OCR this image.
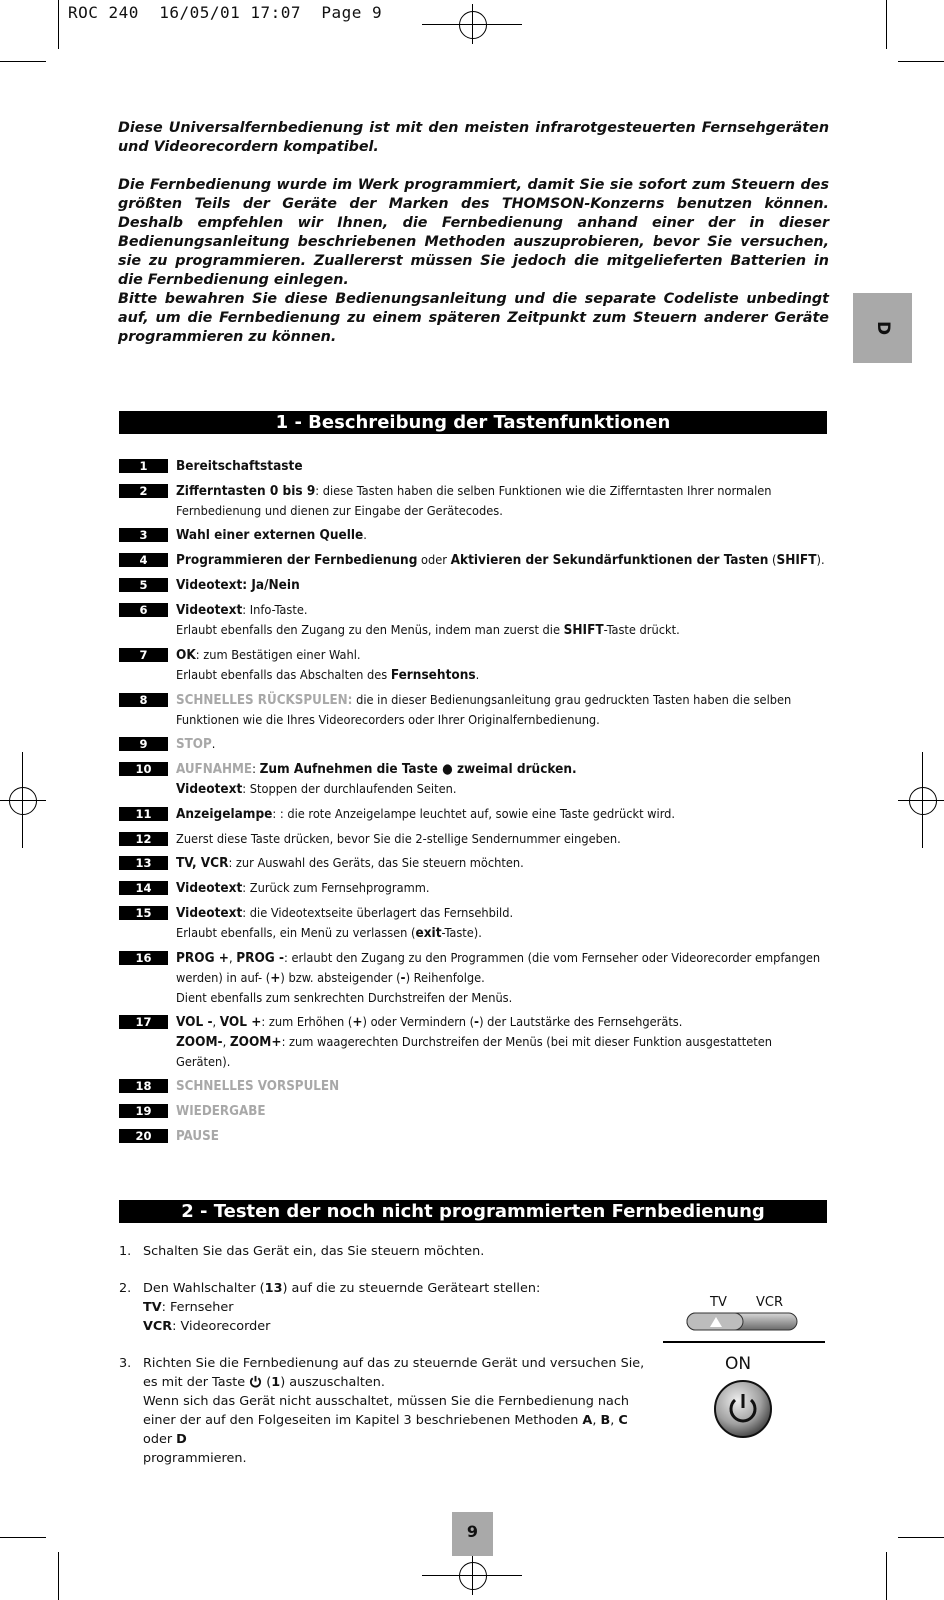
ROC 240  16/05/01 17:07  Page 9

Diese Universalfernbedienung ist mit den meisten infrarotgesteuerten Fernsehgeräten und Videorecordern kompatibel.

Die Fernbedienung wurde im Werk programmiert, damit Sie sie sofort zum Steuern des größten Teils der Geräte der Marken des THOMSON-Konzerns benutzen können. Deshalb empfehlen wir Ihnen, die Fernbedienung anhand einer der in dieser Bedienungsanleitung beschriebenen Methoden auszuprobieren, bevor Sie versuchen, sie zu programmieren. Zuallererst müssen Sie jedoch die mitgelieferten Batterien in die Fernbedienung einlegen.

Bitte bewahren Sie diese Bedienungsanleitung und die separate Codeliste unbedingt auf, um die Fernbedienung zu einem späteren Zeitpunkt zum Steuern anderer Geräte programmieren zu können.

D
1 - Beschreibung der Tastenfunktionen
1	Bereitschaftstaste
2	Zifferntasten 0 bis 9: diese Tasten haben die selben Funktionen wie die Zifferntasten Ihrer normalen Fernbedienung und dienen zur Eingabe der Gerätecodes.
3	Wahl einer externen Quelle.
4	Programmieren der Fernbedienung oder Aktivieren der Sekundärfunktionen der Tasten (SHIFT).
5	Videotext: Ja/Nein
6	Videotext: Info-Taste.
Erlaubt ebenfalls den Zugang zu den Menüs, indem man zuerst die SHIFT-Taste drückt.
7	OK: zum Bestätigen einer Wahl.
Erlaubt ebenfalls das Abschalten des Fernsehtons.
8	SCHNELLES RÜCKSPULEN: die in dieser Bedienungsanleitung grau gedruckten Tasten haben die selben Funktionen wie die Ihres Videorecorders oder Ihrer Originalfernbedienung.
9	STOP.
10	AUFNAHME: Zum Aufnehmen die Taste ● zweimal drücken.
Videotext: Stoppen der durchlaufenden Seiten.
11	Anzeigelampe: : die rote Anzeigelampe leuchtet auf, sowie eine Taste gedrückt wird.
12	Zuerst diese Taste drücken, bevor Sie die 2-stellige Sendernummer eingeben.
13	TV, VCR: zur Auswahl des Geräts, das Sie steuern möchten.
14	Videotext: Zurück zum Fernsehprogramm.
15	Videotext: die Videotextseite überlagert das Fernsehbild.
Erlaubt ebenfalls, ein Menü zu verlassen (exit-Taste).
16	PROG +, PROG -: erlaubt den Zugang zu den Programmen (die vom Fernseher oder Videorecorder empfangen werden) in auf- (+) bzw. absteigender (-) Reihenfolge.
Dient ebenfalls zum senkrechten Durchstreifen der Menüs.
17	VOL -, VOL +: zum Erhöhen (+) oder Vermindern (-) der Lautstärke des Fernsehgeräts.
ZOOM-, ZOOM+: zum waagerechten Durchstreifen der Menüs (bei mit dieser Funktion ausgestatteten Geräten).
18	SCHNELLES VORSPULEN
19	WIEDERGABE
20	PAUSE
2 - Testen der noch nicht programmierten Fernbedienung
1. Schalten Sie das Gerät ein, das Sie steuern möchten.
2. Den Wahlschalter (13) auf die zu steuernde Geräteart stellen:
TV: Fernseher
VCR: Videorecorder
3. Richten Sie die Fernbedienung auf das zu steuernde Gerät und versuchen Sie, es mit der Taste  (1) auszuschalten.
Wenn sich das Gerät nicht ausschaltet, müssen Sie die Fernbedienung nach einer der auf den Folgeseiten im Kapitel 3 beschriebenen Methoden A, B, C oder D
programmieren.
TV VCR
ON
9
